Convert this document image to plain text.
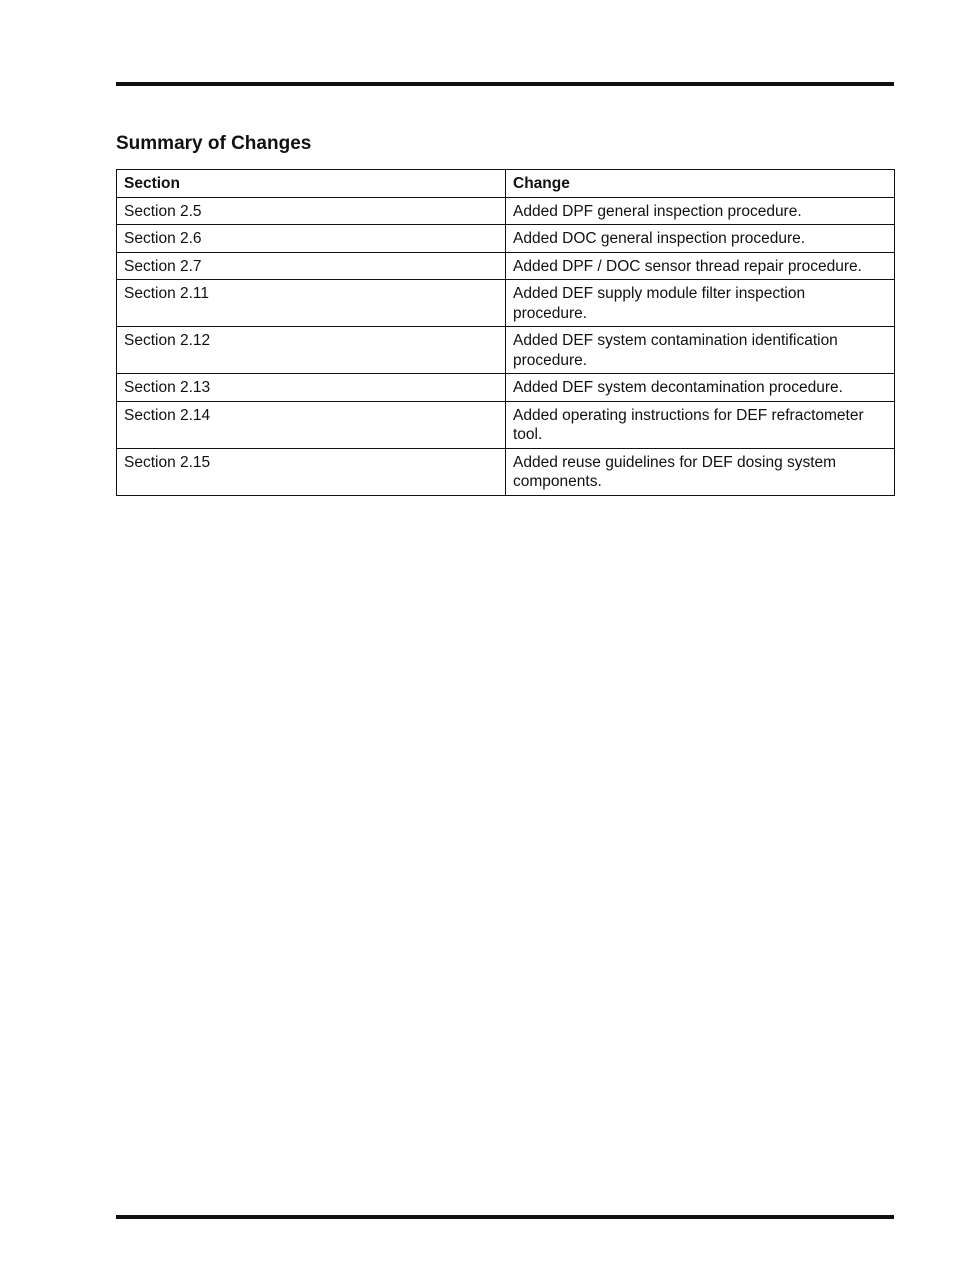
Summary of Changes
Section	Change
Section 2.5	Added DPF general inspection procedure.
Section 2.6	Added DOC general inspection procedure.
Section 2.7	Added DPF / DOC sensor thread repair procedure.
Section 2.11	Added DEF supply module filter inspection procedure.
Section 2.12	Added DEF system contamination identification procedure.
Section 2.13	Added DEF system decontamination procedure.
Section 2.14	Added operating instructions for DEF refractometer tool.
Section 2.15	Added reuse guidelines for DEF dosing system components.
